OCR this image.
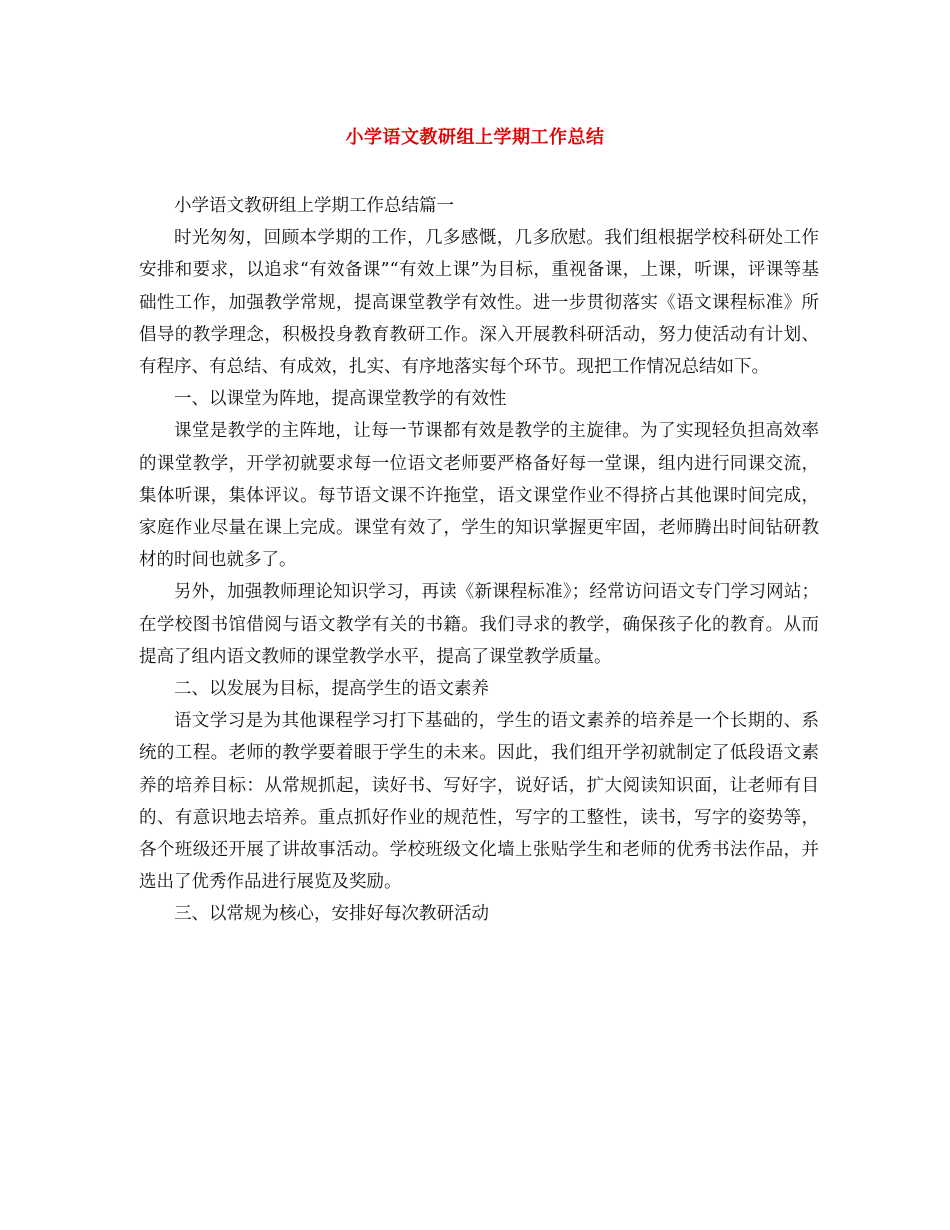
小学语文教研组上学期工作总结

小学语文教研组上学期工作总结篇一

时光匆匆，回顾本学期的工作，几多感慨，几多欣慰。我们组根据学校科研处工作安排和要求，以追求“有效备课”“有效上课”为目标，重视备课，上课，听课，评课等基础性工作，加强教学常规，提高课堂教学有效性。进一步贯彻落实《语文课程标准》所倡导的教学理念，积极投身教育教研工作。深入开展教科研活动，努力使活动有计划、有程序、有总结、有成效，扎实、有序地落实每个环节。现把工作情况总结如下。

一、以课堂为阵地，提高课堂教学的有效性

课堂是教学的主阵地，让每一节课都有效是教学的主旋律。为了实现轻负担高效率的课堂教学，开学初就要求每一位语文老师要严格备好每一堂课，组内进行同课交流，集体听课，集体评议。每节语文课不许拖堂，语文课堂作业不得挤占其他课时间完成，家庭作业尽量在课上完成。课堂有效了，学生的知识掌握更牢固，老师腾出时间钻研教材的时间也就多了。

另外，加强教师理论知识学习，再读《新课程标准》；经常访问语文专门学习网站；在学校图书馆借阅与语文教学有关的书籍。我们寻求的教学，确保孩子化的教育。从而提高了组内语文教师的课堂教学水平，提高了课堂教学质量。

二、以发展为目标，提高学生的语文素养

语文学习是为其他课程学习打下基础的，学生的语文素养的培养是一个长期的、系统的工程。老师的教学要着眼于学生的未来。因此，我们组开学初就制定了低段语文素养的培养目标：从常规抓起，读好书、写好字，说好话，扩大阅读知识面，让老师有目的、有意识地去培养。重点抓好作业的规范性，写字的工整性，读书，写字的姿势等，各个班级还开展了讲故事活动。学校班级文化墙上张贴学生和老师的优秀书法作品，并选出了优秀作品进行展览及奖励。

三、以常规为核心，安排好每次教研活动
